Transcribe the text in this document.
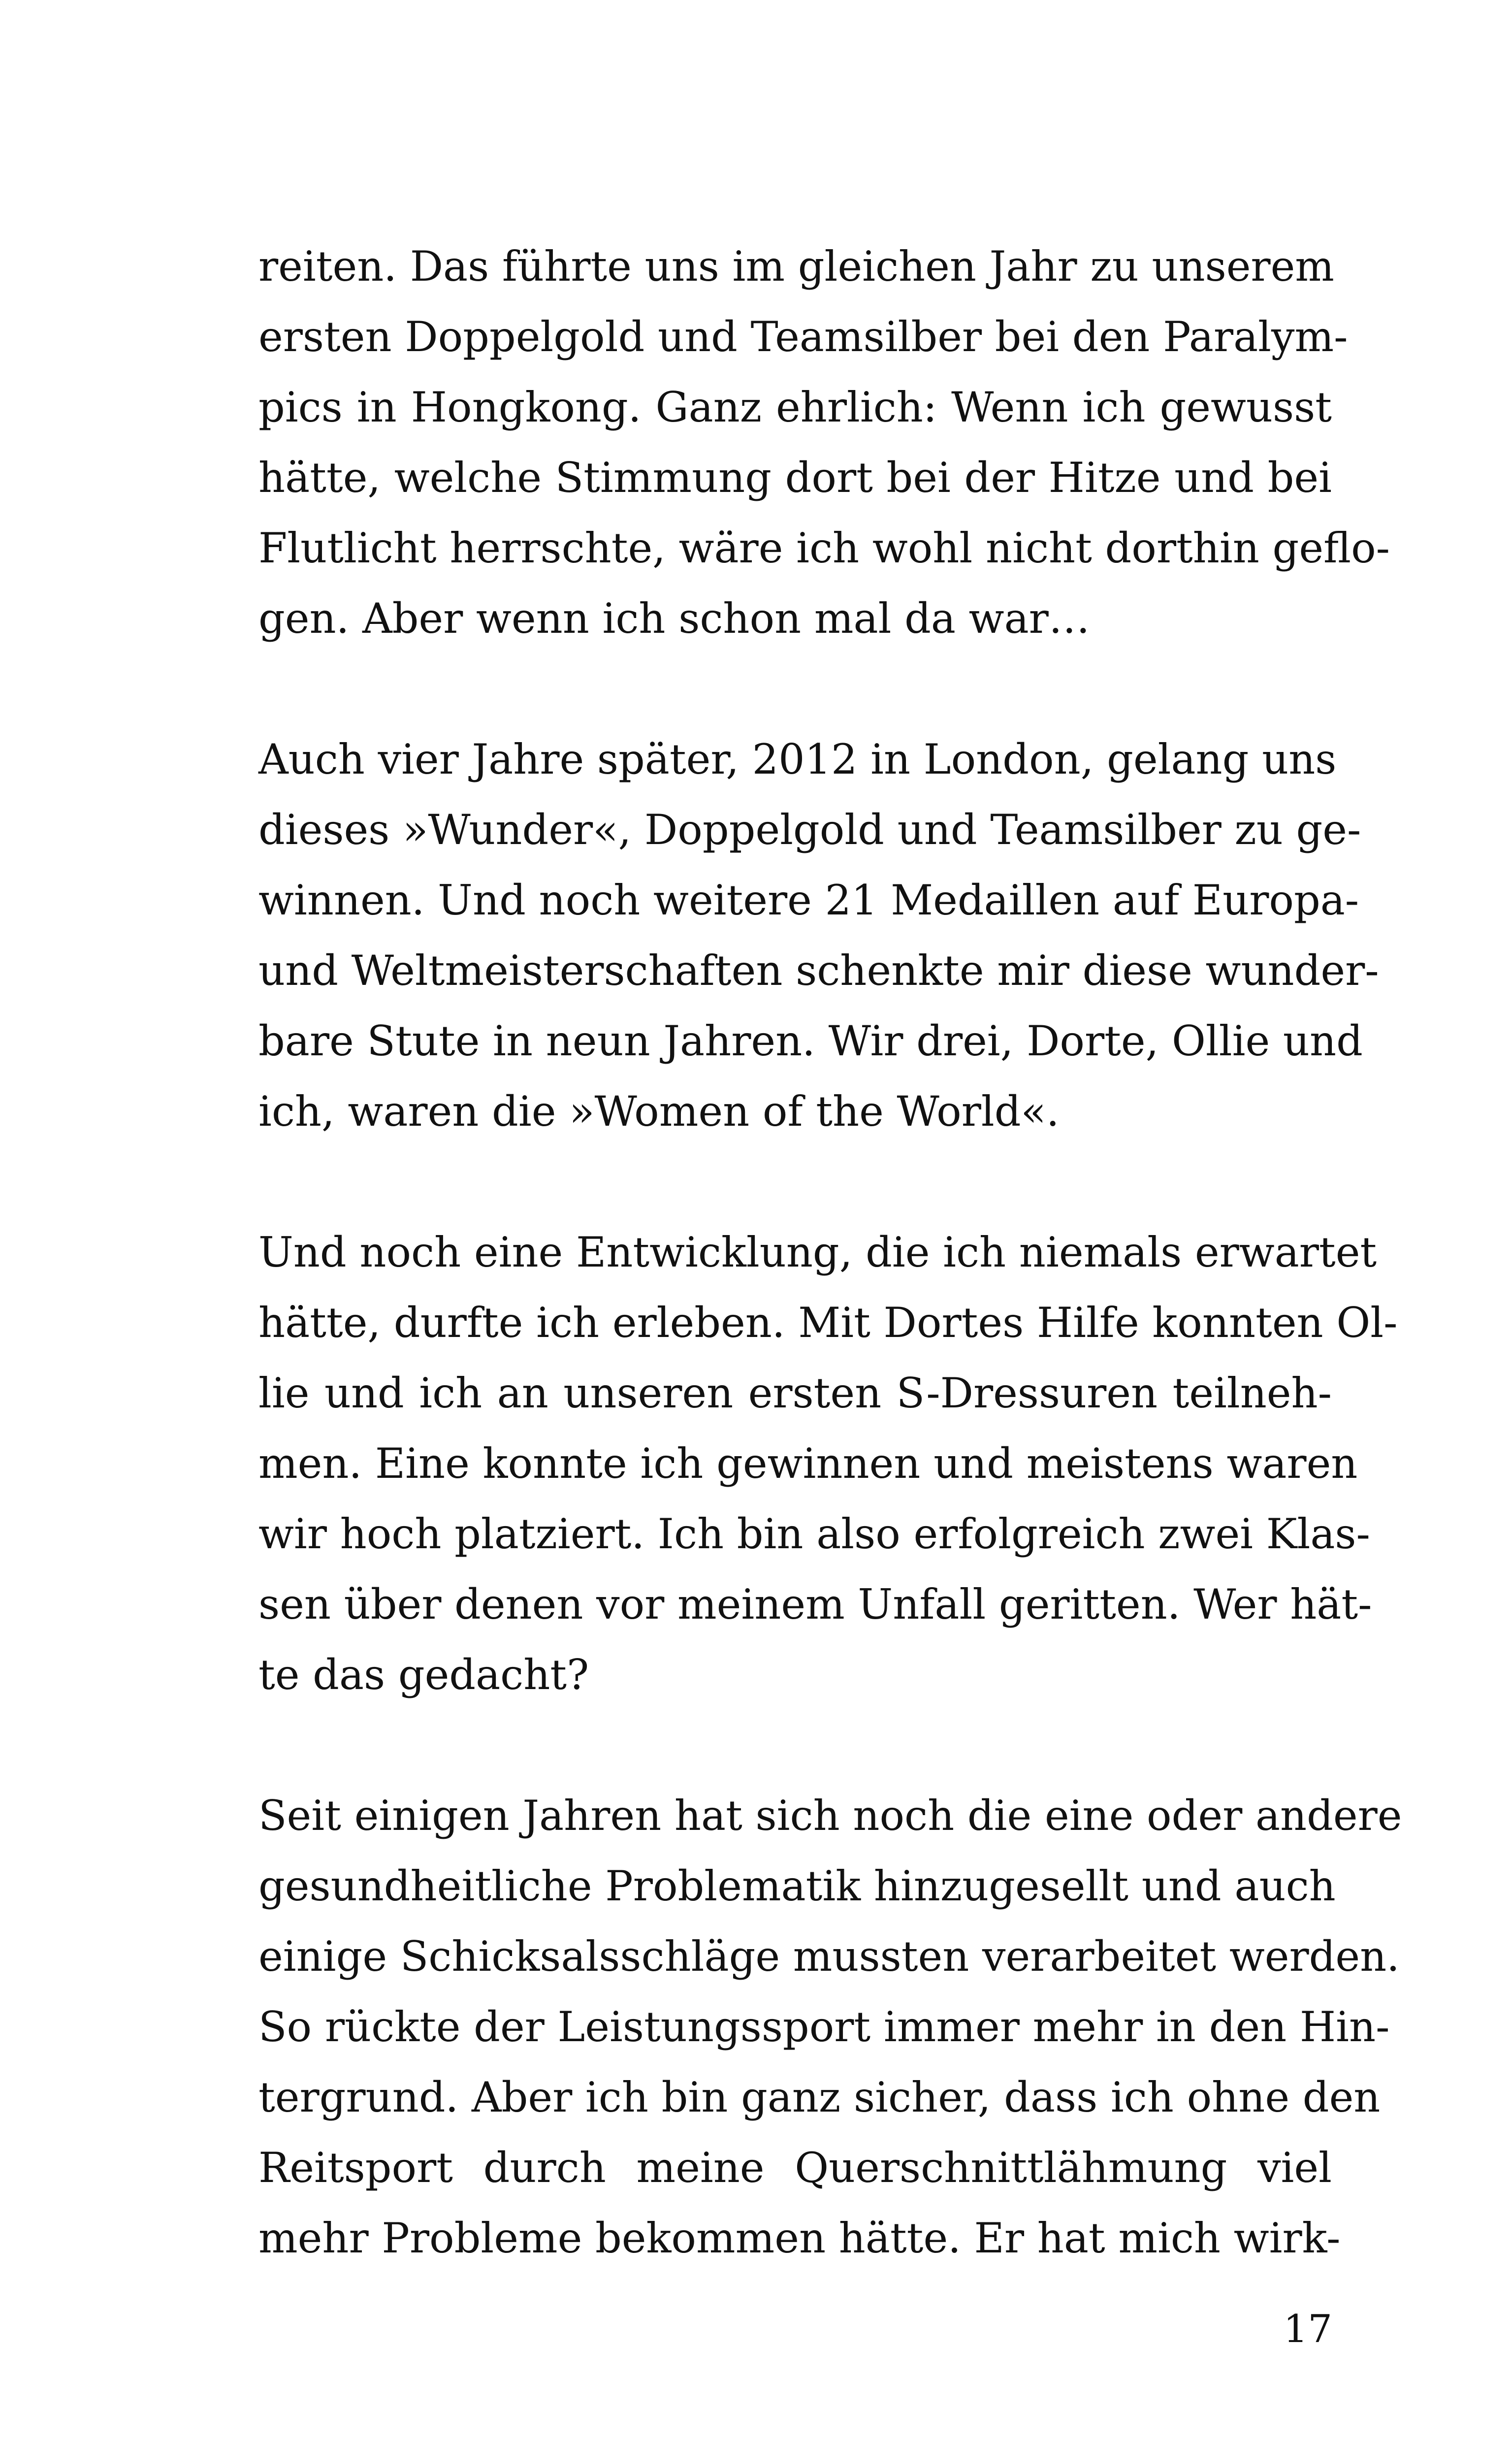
reiten. Das führte uns im gleichen Jahr zu unserem
ersten Doppelgold und Teamsilber bei den Paralym-
pics in Hongkong. Ganz ehrlich: Wenn ich gewusst
hätte, welche Stimmung dort bei der Hitze und bei
Flutlicht herrschte, wäre ich wohl nicht dorthin geflo-
gen. Aber wenn ich schon mal da war…

Auch vier Jahre später, 2012 in London, gelang uns
dieses »Wunder«, Doppelgold und Teamsilber zu ge-
winnen. Und noch weitere 21 Medaillen auf Europa-
und Weltmeisterschaften schenkte mir diese wunder-
bare Stute in neun Jahren. Wir drei, Dorte, Ollie und
ich, waren die »Women of the World«.

Und noch eine Entwicklung, die ich niemals erwartet
hätte, durfte ich erleben. Mit Dortes Hilfe konnten Ol-
lie und ich an unseren ersten S-Dressuren teilneh-
men. Eine konnte ich gewinnen und meistens waren
wir hoch platziert. Ich bin also erfolgreich zwei Klas-
sen über denen vor meinem Unfall geritten. Wer hät-
te das gedacht?

Seit einigen Jahren hat sich noch die eine oder andere
gesundheitliche Problematik hinzugesellt und auch
einige Schicksalsschläge mussten verarbeitet werden.
So rückte der Leistungssport immer mehr in den Hin-
tergrund. Aber ich bin ganz sicher, dass ich ohne den
Reitsport durch meine Querschnittlähmung viel
mehr Probleme bekommen hätte. Er hat mich wirk-

17
